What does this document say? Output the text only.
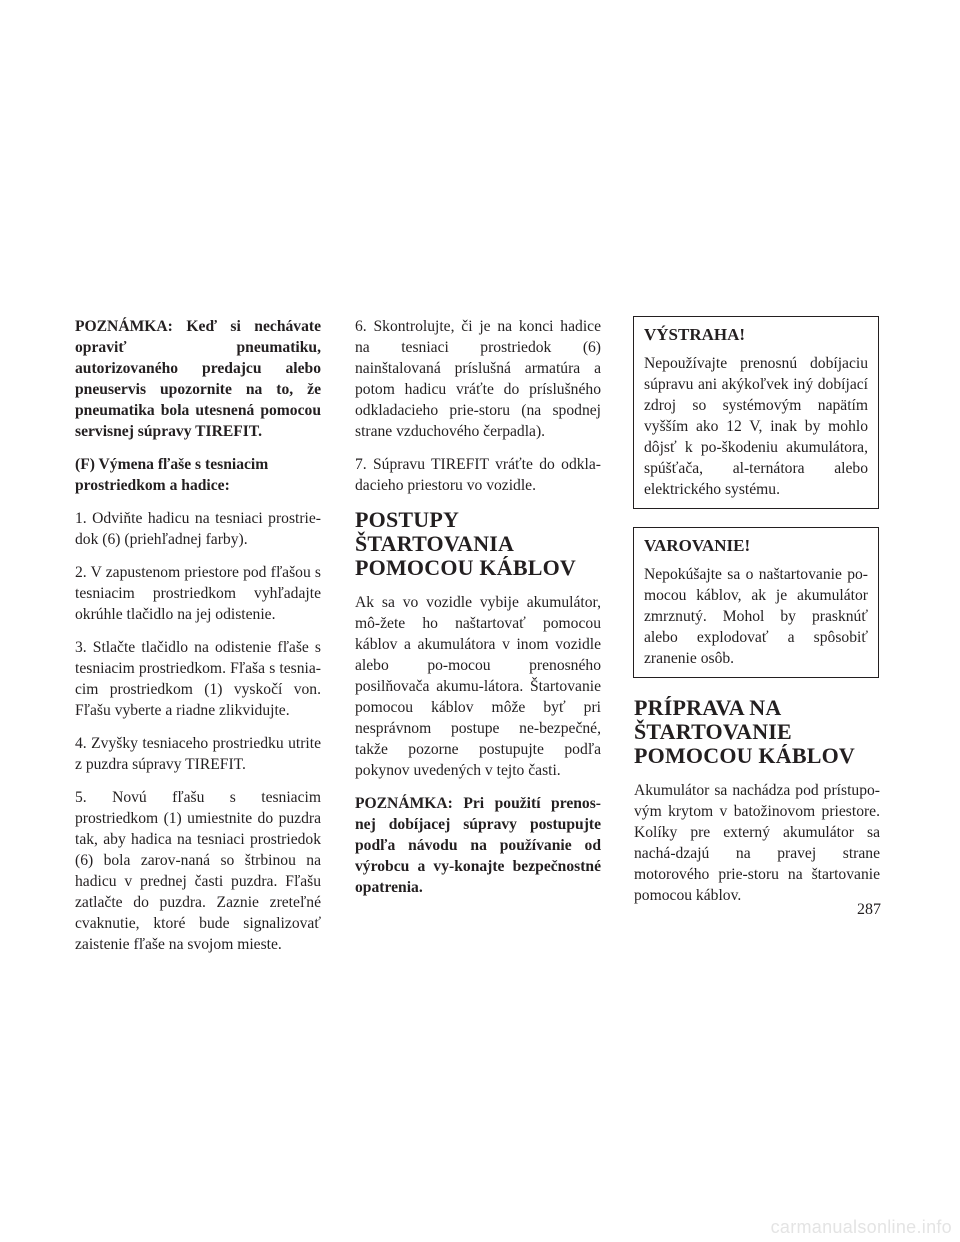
POZNÁMKA: Keď si nechávate opraviť pneumatiku, autorizovaného predajcu alebo pneuservis upozornite na to, že pneumatika bola utesnená pomocou servisnej súpravy TIREFIT.

(F) Výmena fľaše s tesniacim prostriedkom a hadice:

1. Odviňte hadicu na tesniaci prostrie-dok (6) (priehľadnej farby).

2. V zapustenom priestore pod fľašou s tesniacim prostriedkom vyhľadajte okrúhle tlačidlo na jej odistenie.

3. Stlačte tlačidlo na odistenie fľaše s tesniacim prostriedkom. Fľaša s tesnia-cim prostriedkom (1) vyskočí von. Fľašu vyberte a riadne zlikvidujte.

4. Zvyšky tesniaceho prostriedku utrite z puzdra súpravy TIREFIT.

5. Novú fľašu s tesniacim prostriedkom (1) umiestnite do puzdra tak, aby hadica na tesniaci prostriedok (6) bola zarov-naná so štrbinou na hadicu v prednej časti puzdra. Fľašu zatlačte do puzdra. Zaznie zreteľné cvaknutie, ktoré bude signalizovať zaistenie fľaše na svojom mieste.

6. Skontrolujte, či je na konci hadice na tesniaci prostriedok (6) nainštalovaná príslušná armatúra a potom hadicu vráťte do príslušného odkladacieho prie-storu (na spodnej strane vzduchového čerpadla).

7. Súpravu TIREFIT vráťte do odkla-dacieho priestoru vo vozidle.

POSTUPY
ŠTARTOVANIA
POMOCOU KÁBLOV

Ak sa vo vozidle vybije akumulátor, mô-žete ho naštartovať pomocou káblov a akumulátora v inom vozidle alebo po-mocou prenosného posilňovača akumu-látora. Štartovanie pomocou káblov môže byť pri nesprávnom postupe ne-bezpečné, takže pozorne postupujte podľa pokynov uvedených v tejto časti.

POZNÁMKA: Pri použití prenos-nej dobíjacej súpravy postupujte podľa návodu na používanie od výrobcu a vy-konajte bezpečnostné opatrenia.

VÝSTRAHA!

Nepoužívajte prenosnú dobíjaciu súpravu ani akýkoľvek iný dobíjací zdroj so systémovým napätím vyšším ako 12 V, inak by mohlo dôjsť k po-škodeniu akumulátora, spúšťača, al-ternátora alebo elektrického systému.

VAROVANIE!

Nepokúšajte sa o naštartovanie po-mocou káblov, ak je akumulátor zmrznutý. Mohol by prasknúť alebo explodovať a spôsobiť zranenie osôb.

PRÍPRAVA NA
ŠTARTOVANIE
POMOCOU KÁBLOV

Akumulátor sa nachádza pod prístupo-vým krytom v batožinovom priestore. Kolíky pre externý akumulátor sa nachá-dzajú na pravej strane motorového prie-storu na štartovanie pomocou káblov.

287
carmanualsonline.info
